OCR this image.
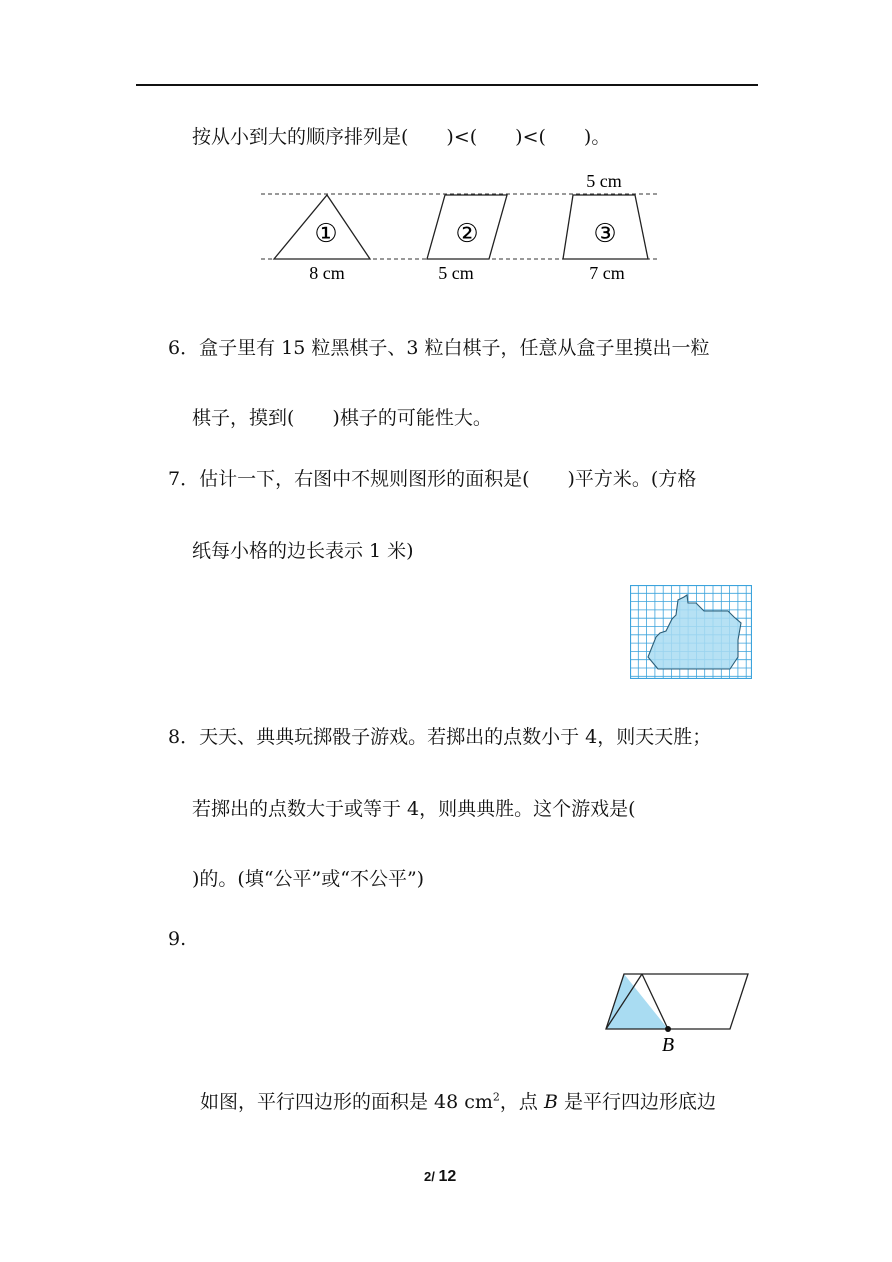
按从小到大的顺序排列是(　　)<(　　)<(　　)。
5 cm
①	②	③
8 cm	5 cm	7 cm
6．盒子里有 15 粒黑棋子、3 粒白棋子，任意从盒子里摸出一粒
棋子，摸到(　　)棋子的可能性大。
7．估计一下，右图中不规则图形的面积是(　　)平方米。(方格
纸每小格的边长表示 1 米)
8．天天、典典玩掷骰子游戏。若掷出的点数小于 4，则天天胜；
若掷出的点数大于或等于 4，则典典胜。这个游戏是(
)的。(填“公平”或“不公平”)
9.
B
如图，平行四边形的面积是 48 $cm^2$，点 B 是平行四边形底边
2/ 12
